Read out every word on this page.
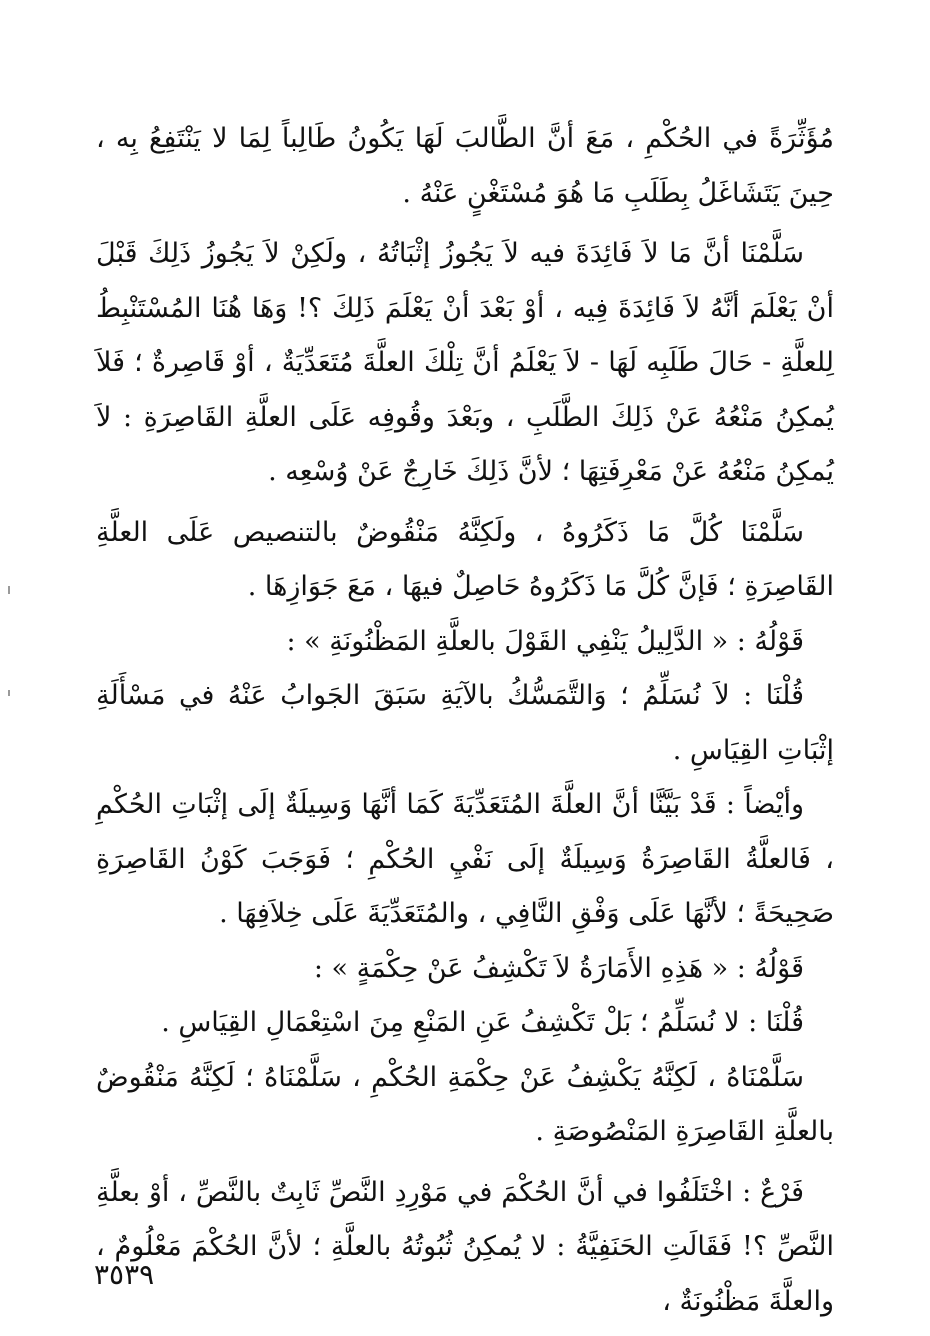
مُؤَثِّرَةً في الحُكْمِ ، مَعَ أنَّ الطَّالبَ لَهَا يَكُونُ طَالِباً لِمَا لا يَنْتَفِعُ بِه ، حِينَ يَتَشَاغَلُ بِطَلَبِ مَا هُوَ مُسْتَغْنٍ عَنْهُ .

سَلَّمْنَا أنَّ مَا لاَ فَائِدَةَ فيه لاَ يَجُوزُ إثْبَاتُهُ ، ولَكِنْ لاَ يَجُوزُ ذَلِكَ قَبْلَ أنْ يَعْلَمَ أنَّهُ لاَ فَائِدَةَ فِيه ، أوْ بَعْدَ أنْ يَعْلَمَ ذَلِكَ ؟! وَهَا هُنَا المُسْتَنْبِطُ لِلعلَّةِ - حَالَ طَلَبِه لَهَا - لاَ يَعْلَمُ أنَّ تِلْكَ العلَّةَ مُتَعَدِّيَةٌ ، أوْ قَاصِرةٌ ؛ فَلاَ يُمكِنُ مَنْعُهُ عَنْ ذَلِكَ الطَّلَبِ ، وبَعْدَ وقُوفِه عَلَى العلَّةِ القَاصِرَةِ : لاَ يُمكِنُ مَنْعُهُ عَنْ مَعْرِفَتِهَا ؛ لأنَّ ذَلِكَ خَارِجٌ عَنْ وُسْعِه .

سَلَّمْنَا كُلَّ مَا ذَكَرُوهُ ، ولَكِنَّهُ مَنْقُوضٌ بالتنصيص عَلَى العلَّةِ القَاصِرَةِ ؛ فَإنَّ كُلَّ مَا ذَكَرُوهُ حَاصِلٌ فيهَا ، مَعَ جَوَازِهَا .

قَوْلُهُ : « الدَّلِيلُ يَنْفِي القَوْلَ بالعلَّةِ المَظْنُونَةِ » :

قُلْنَا : لاَ نُسَلِّمُ ؛ وَالتَّمَسُّكُ بالآيَةِ سَبَقَ الجَوابُ عَنْهُ في مَسْأَلَةِ إثْبَاتِ القِيَاسِ .

وأيْضاً : قَدْ بَيَّنَّا أنَّ العلَّةَ المُتَعَدِّيَةَ كَمَا أنَّهَا وَسِيلَةٌ إلَى إثْبَاتِ الحُكْمِ ، فَالعلَّةُ القَاصِرَةُ وَسِيلَةٌ إلَى نَفْيِ الحُكْمِ ؛ فَوَجَبَ كَوْنُ القَاصِرَةِ صَحِيحَةً ؛ لأنَّهَا عَلَى وَفْقِ النَّافِي ، والمُتَعَدِّيَةَ عَلَى خِلاَفِهَا .

قَوْلُهُ : « هَذِهِ الأَمَارَةُ لاَ تَكْشِفُ عَنْ حِكْمَةٍ » :

قُلْنَا : لا نُسَلِّمُ ؛ بَلْ تَكْشِفُ عَنِ المَنْعِ مِنَ اسْتِعْمَالِ القِيَاسِ .

سَلَّمْنَاهُ ، لَكِنَّهُ يَكْشِفُ عَنْ حِكْمَةِ الحُكْمِ ، سَلَّمْنَاهُ ؛ لَكِنَّهُ مَنْقُوضٌ بالعلَّةِ القَاصِرَةِ المَنْصُوصَةِ .

فَرْعٌ : اخْتَلَفُوا في أنَّ الحُكْمَ في مَوْرِدِ النَّصِّ ثَابِتٌ بالنَّصِّ ، أوْ بعلَّةِ النَّصِّ ؟! فَقَالَتِ الحَنَفِيَّةُ : لا يُمكِنُ ثُبُوتُهُ بالعلَّةِ ؛ لأنَّ الحُكْمَ مَعْلُومٌ ، والعلَّةَ مَظْنُونَةٌ ،

٣٥٣٩
